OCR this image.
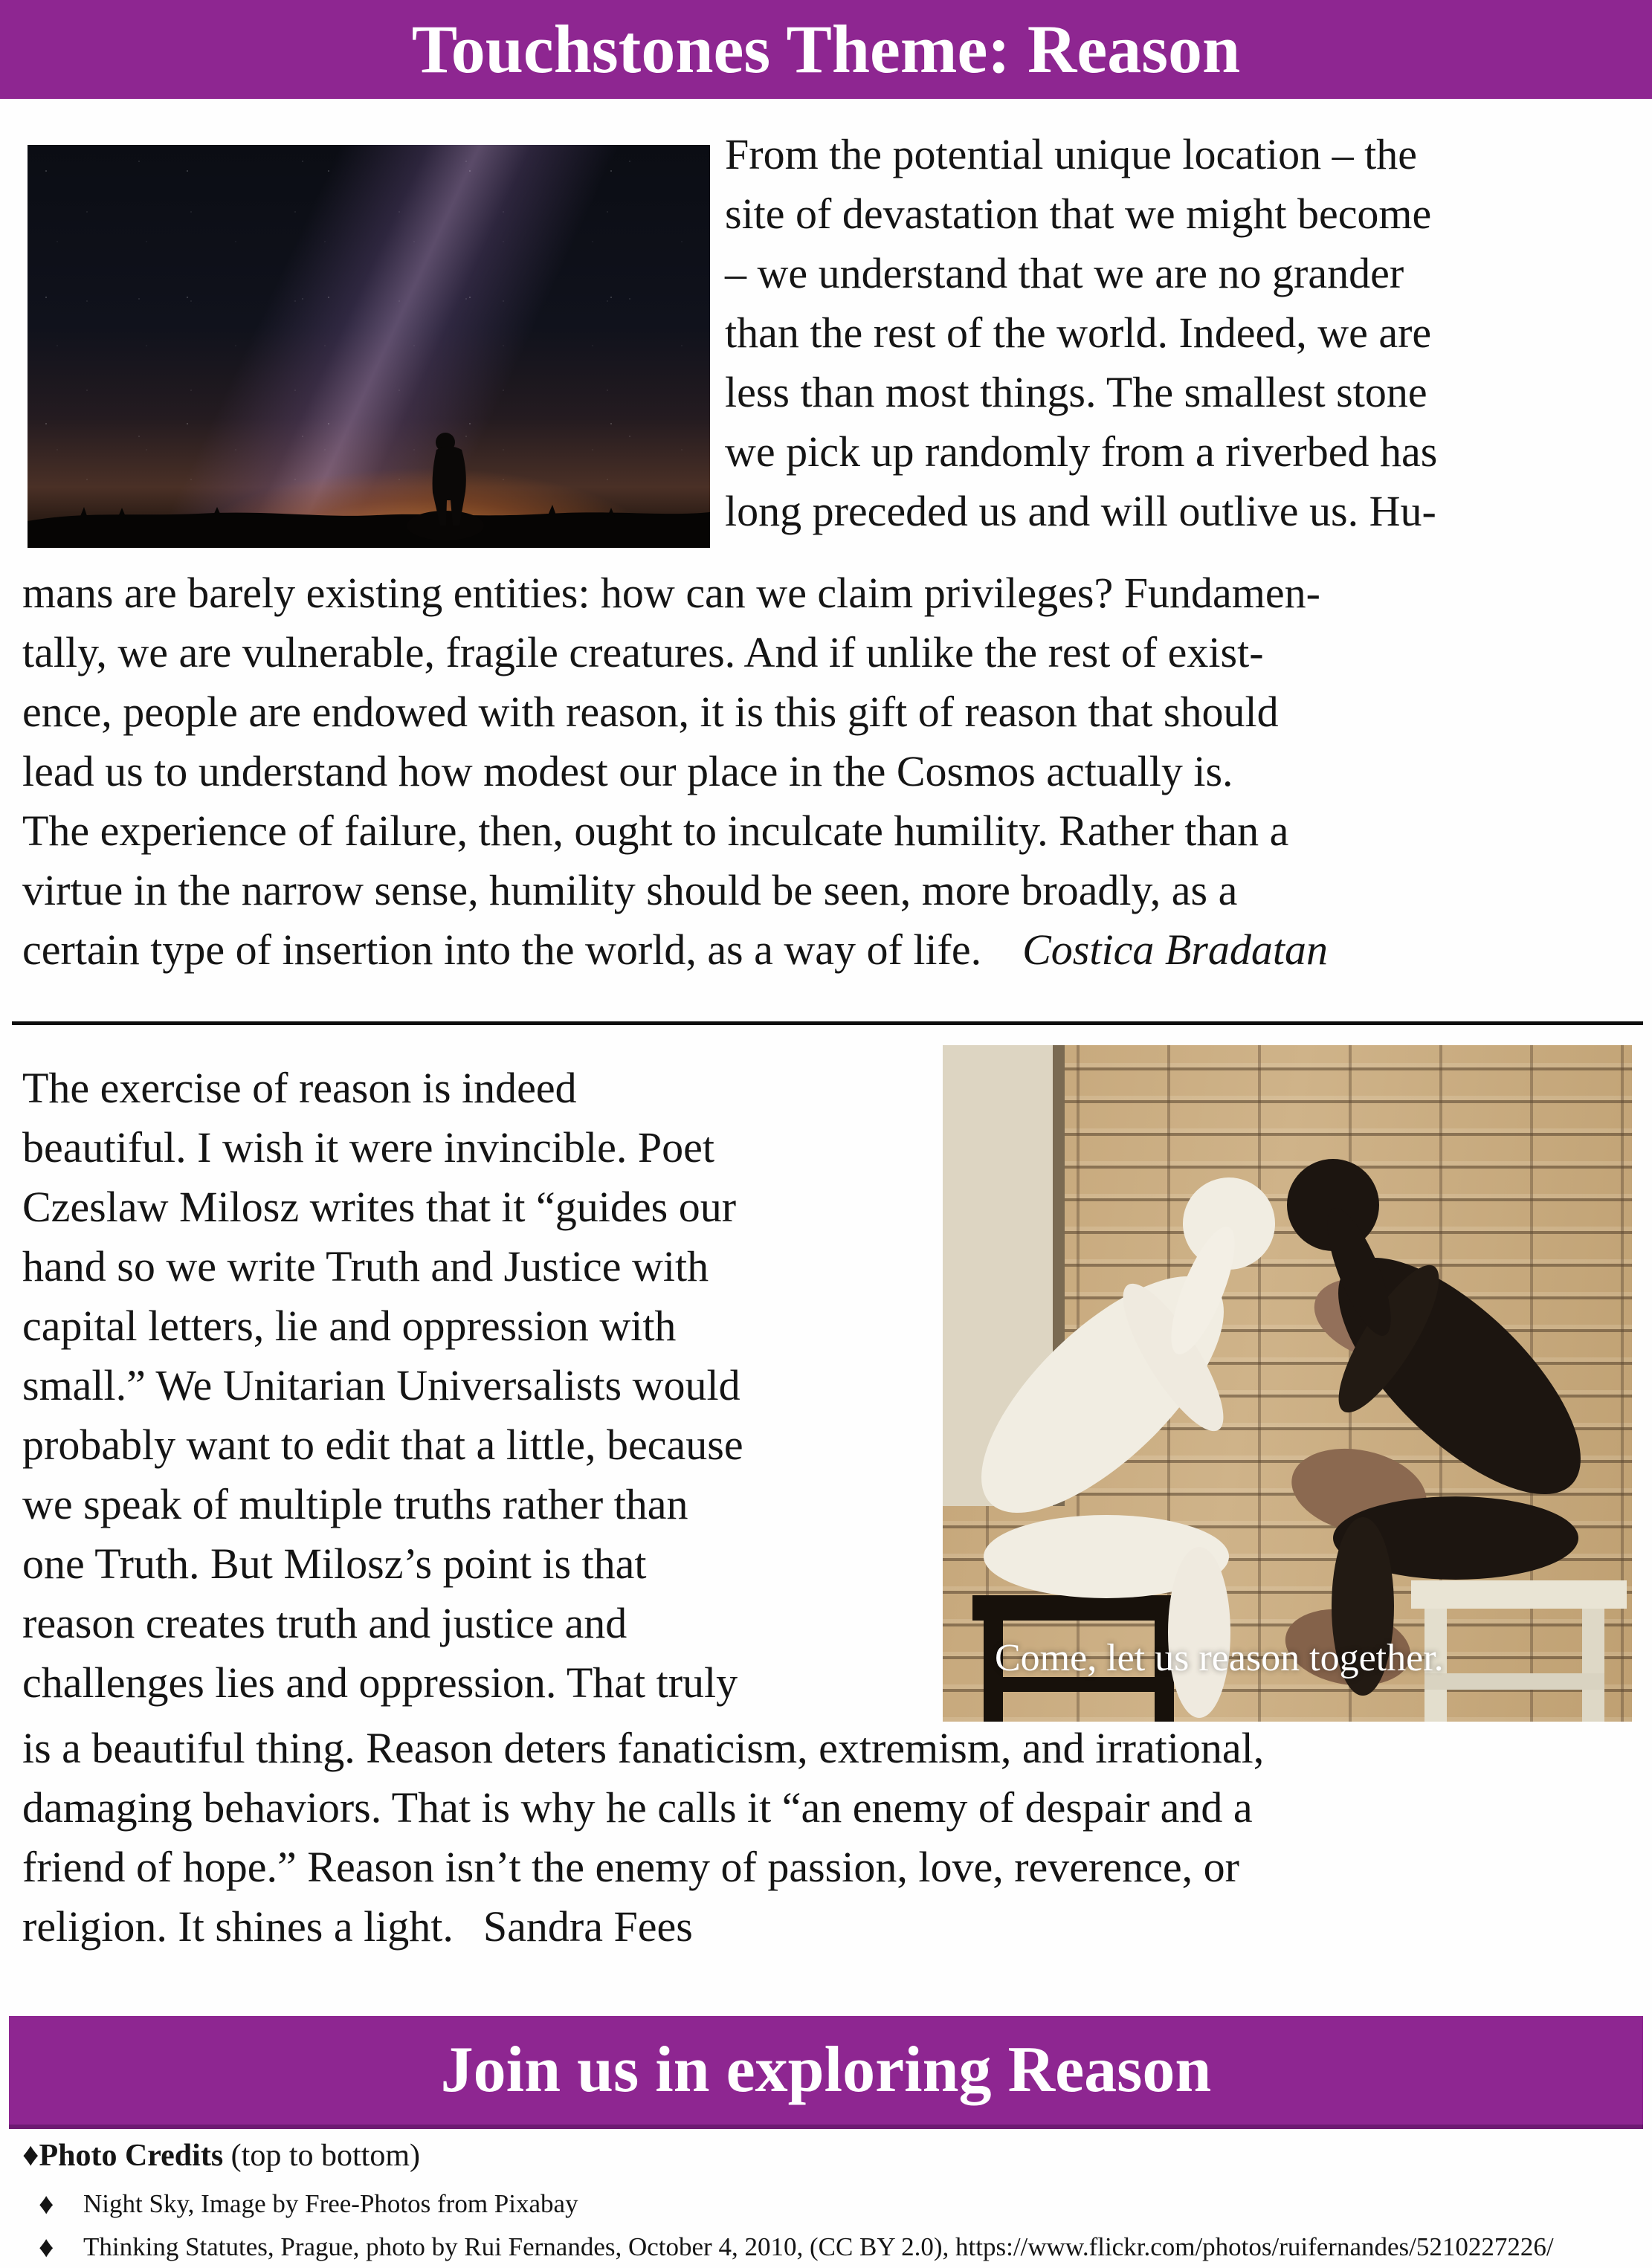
Touchstones Theme: Reason
From the potential unique location – the
site of devastation that we might become
– we understand that we are no grander
than the rest of the world. Indeed, we are
less than most things. The smallest stone
we pick up randomly from a riverbed has
long preceded us and will outlive us. Hu-
mans are barely existing entities: how can we claim privileges? Fundamen-
tally, we are vulnerable, fragile creatures. And if unlike the rest of exist-
ence, people are endowed with reason, it is this gift of reason that should
lead us to understand how modest our place in the Cosmos actually is.
The experience of failure, then, ought to inculcate humility. Rather than a
virtue in the narrow sense, humility should be seen, more broadly, as a
certain type of insertion into the world, as a way of life. Costica Bradatan
The exercise of reason is indeed
beautiful. I wish it were invincible. Poet
Czeslaw Milosz writes that it “guides our
hand so we write Truth and Justice with
capital letters, lie and oppression with
small.” We Unitarian Universalists would
probably want to edit that a little, because
we speak of multiple truths rather than
one Truth. But Milosz’s point is that
reason creates truth and justice and
challenges lies and oppression. That truly
Come, let us reason together.
is a beautiful thing. Reason deters fanaticism, extremism, and irrational,
damaging behaviors. That is why he calls it “an enemy of despair and a
friend of hope.” Reason isn’t the enemy of passion, love, reverence, or
religion. It shines a light. Sandra Fees
Join us in exploring Reason
♦Photo Credits (top to bottom)
♦	Night Sky, Image by Free-Photos from Pixabay
♦	Thinking Statutes, Prague, photo by Rui Fernandes, October 4, 2010, (CC BY 2.0), https://www.flickr.com/photos/ruifernandes/5210227226/
